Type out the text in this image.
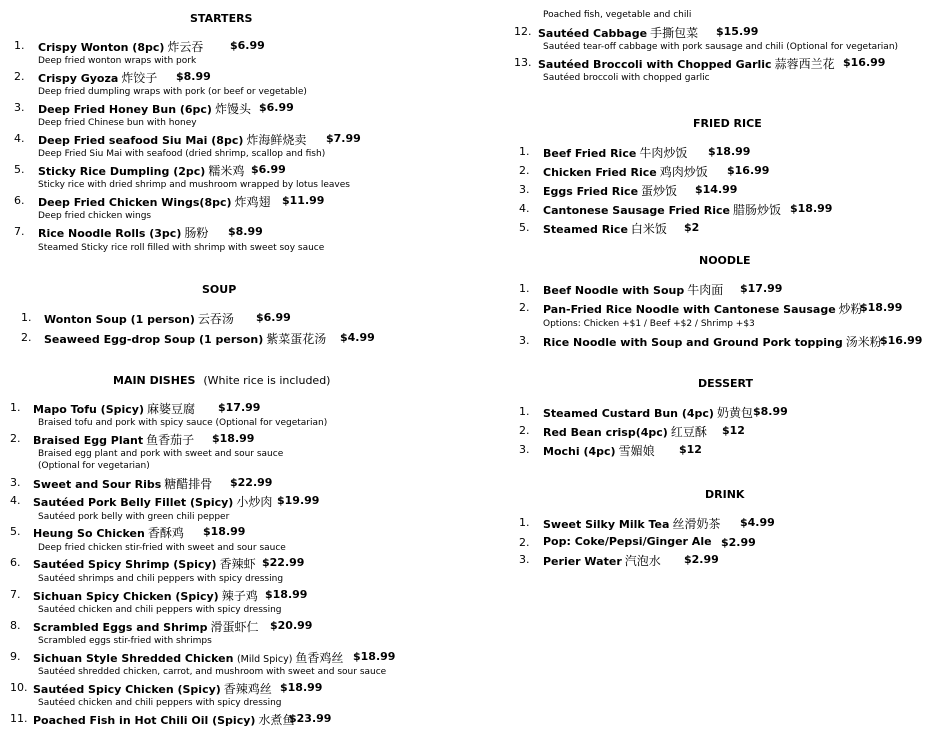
STARTERS
1. Crispy Wonton (8pc) 炸云吞 $6.99
Deep fried wonton wraps with pork
2. Crispy Gyoza 炸饺子 $8.99
Deep fried dumpling wraps with pork (or beef or vegetable)
3. Deep Fried Honey Bun (6pc) 炸馒头 $6.99
Deep fried Chinese bun with honey
4. Deep Fried seafood Siu Mai (8pc) 炸海鲜烧卖 $7.99
Deep Fried Siu Mai with seafood (dried shrimp, scallop and fish)
5. Sticky Rice Dumpling (2pc) 糯米鸡 $6.99
Sticky rice with dried shrimp and mushroom wrapped by lotus leaves
6. Deep Fried Chicken Wings(8pc) 炸鸡翅 $11.99
Deep fried chicken wings
7. Rice Noodle Rolls (3pc) 肠粉 $8.99
Steamed Sticky rice roll filled with shrimp with sweet soy sauce
SOUP
1. Wonton Soup (1 person) 云吞汤 $6.99
2. Seaweed Egg-drop Soup (1 person) 紫菜蛋花汤 $4.99
MAIN DISHES (White rice is included)
1. Mapo Tofu (Spicy) 麻婆豆腐 $17.99
Braised tofu and pork with spicy sauce (Optional for vegetarian)
2. Braised Egg Plant 鱼香茄子 $18.99
Braised egg plant and pork with sweet and sour sauce
(Optional for vegetarian)
3. Sweet and Sour Ribs 糖醋排骨 $22.99
4. Sautéed Pork Belly Fillet (Spicy) 小炒肉 $19.99
Sautéed pork belly with green chili pepper
5. Heung So Chicken 香酥鸡 $18.99
Deep fried chicken stir-fried with sweet and sour sauce
6. Sautéed Spicy Shrimp (Spicy) 香辣虾 $22.99
Sautéed shrimps and chili peppers with spicy dressing
7. Sichuan Spicy Chicken (Spicy) 辣子鸡 $18.99
Sautéed chicken and chili peppers with spicy dressing
8. Scrambled Eggs and Shrimp 滑蛋虾仁 $20.99
Scrambled eggs stir-fried with shrimps
9. Sichuan Style Shredded Chicken (Mild Spicy) 鱼香鸡丝 $18.99
Sautéed shredded chicken, carrot, and mushroom with sweet and sour sauce
10. Sautéed Spicy Chicken (Spicy) 香辣鸡丝 $18.99
Sautéed chicken and chili peppers with spicy dressing
11. Poached Fish in Hot Chili Oil (Spicy) 水煮鱼
$23.99
Poached fish, vegetable and chili
12. Sautéed Cabbage 手撕包菜 $15.99
Sautéed tear-off cabbage with pork sausage and chili (Optional for vegetarian)
13. Sautéed Broccoli with Chopped Garlic 蒜蓉西兰花 $16.99
Sautéed broccoli with chopped garlic
FRIED RICE
1. Beef Fried Rice 牛肉炒饭 $18.99
2. Chicken Fried Rice 鸡肉炒饭 $16.99
3. Eggs Fried Rice 蛋炒饭 $14.99
4. Cantonese Sausage Fried Rice 腊肠炒饭 $18.99
5. Steamed Rice 白米饭 $2
NOODLE
1. Beef Noodle with Soup 牛肉面 $17.99
2. Pan-Fried Rice Noodle with Cantonese Sausage 炒粉
$18.99
Options: Chicken +$1 / Beef +$2 / Shrimp +$3
3. Rice Noodle with Soup and Ground Pork topping 汤米粉
$16.99
DESSERT
1. Steamed Custard Bun (4pc) 奶黄包 $8.99
2. Red Bean crisp(4pc) 红豆酥 $12
3. Mochi (4pc) 雪媚娘 $12
DRINK
1. Sweet Silky Milk Tea 丝滑奶茶 $4.99
2. Pop: Coke/Pepsi/Ginger Ale $2.99
3. Perier Water 汽泡水 $2.99
